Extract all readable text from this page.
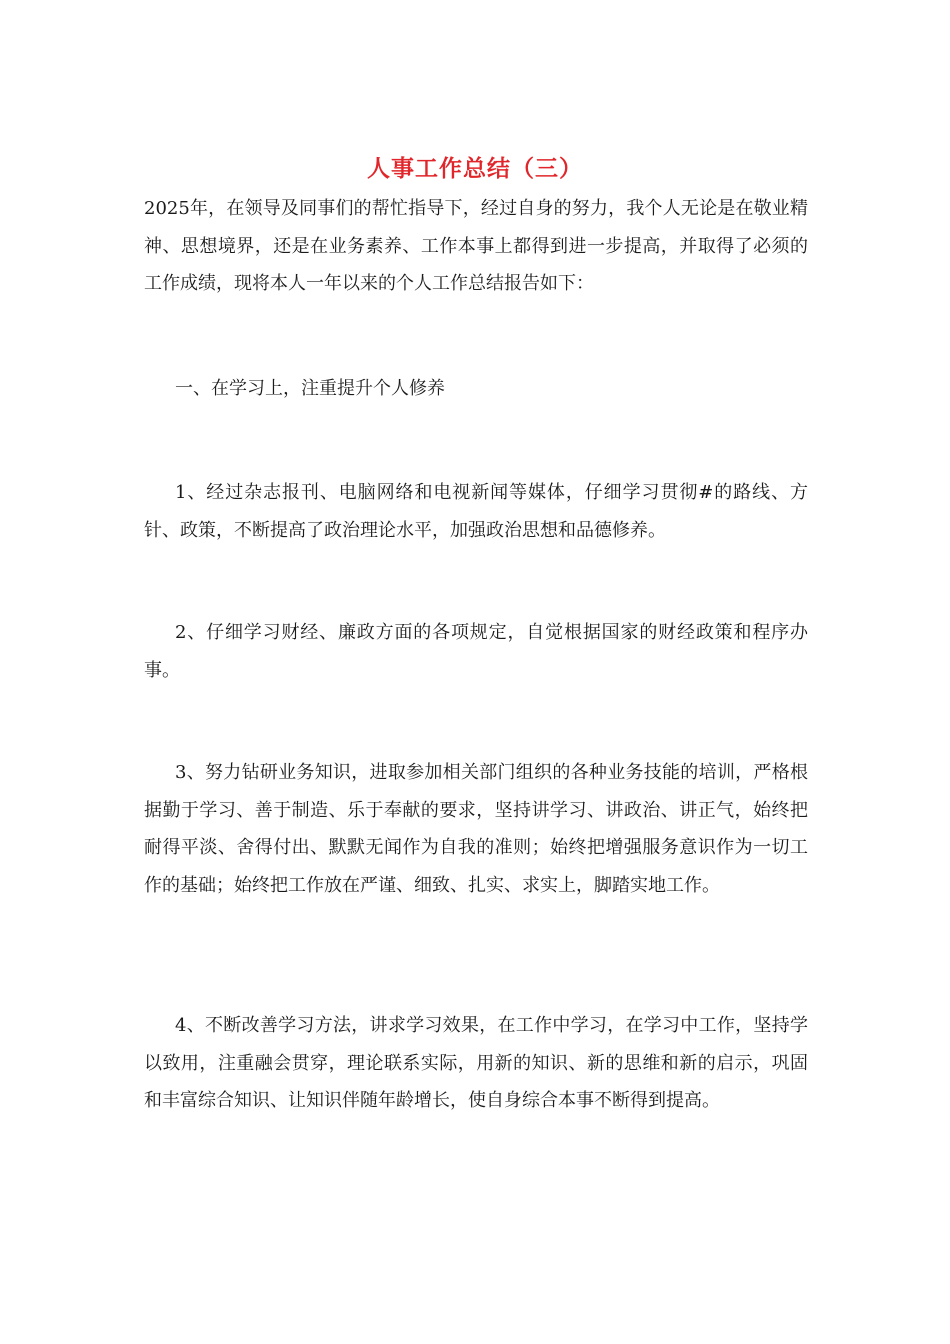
人事工作总结（三）
2025年，在领导及同事们的帮忙指导下，经过自身的努力，我个人无论是在敬业精神、思想境界，还是在业务素养、工作本事上都得到进一步提高，并取得了必须的工作成绩，现将本人一年以来的个人工作总结报告如下：
一、在学习上，注重提升个人修养
1、经过杂志报刊、电脑网络和电视新闻等媒体，仔细学习贯彻#的路线、方针、政策，不断提高了政治理论水平，加强政治思想和品德修养。
2、仔细学习财经、廉政方面的各项规定，自觉根据国家的财经政策和程序办事。
3、努力钻研业务知识，进取参加相关部门组织的各种业务技能的培训，严格根据勤于学习、善于制造、乐于奉献的要求，坚持讲学习、讲政治、讲正气，始终把耐得平淡、舍得付出、默默无闻作为自我的准则；始终把增强服务意识作为一切工作的基础；始终把工作放在严谨、细致、扎实、求实上，脚踏实地工作。
4、不断改善学习方法，讲求学习效果，在工作中学习，在学习中工作，坚持学以致用，注重融会贯穿，理论联系实际，用新的知识、新的思维和新的启示，巩固和丰富综合知识、让知识伴随年龄增长，使自身综合本事不断得到提高。
